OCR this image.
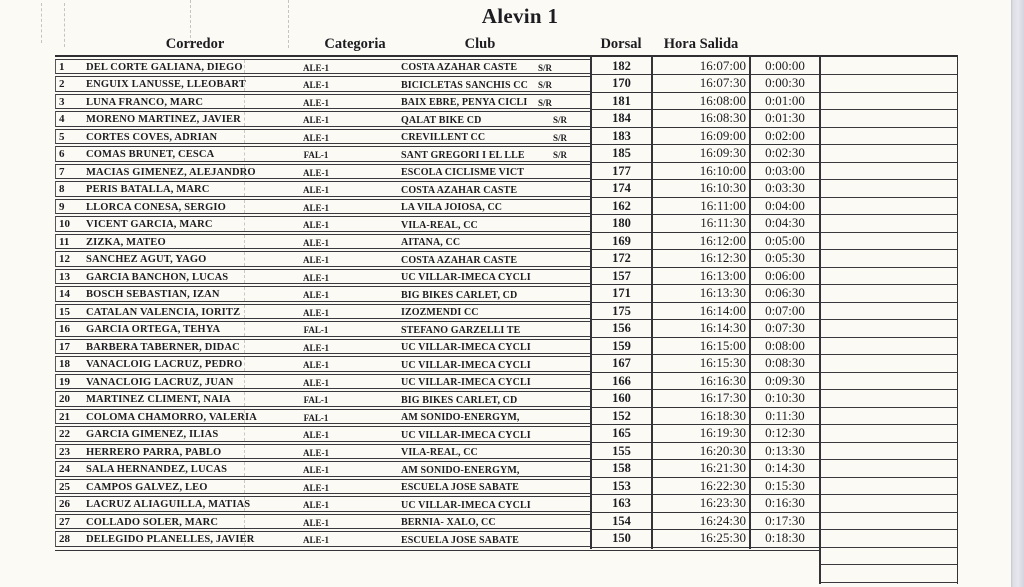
Alevin 1
Corredor	Categoria	Club	Dorsal Hora Salida
1 DEL CORTE GALIANA, DIEGO	ALE-1	COSTA AZAHAR CASTE S/R	182	16:07:00	0:00:00
2 ENGUIX LANUSSE, LLEOBART	ALE-1	BICICLETAS SANCHIS CC S/R	170	16:07:30	0:00:30
3 LUNA FRANCO, MARC	ALE-1	BAIX EBRE, PENYA CICLI S/R	181	16:08:00	0:01:00
4 MORENO MARTINEZ, JAVIER	ALE-1	QALAT BIKE CD	S/R	184	16:08:30	0:01:30
5 CORTES COVES, ADRIAN	ALE-1	CREVILLENT CC	S/R	183	16:09:00	0:02:00
6 COMAS BRUNET, CESCA	FAL-1	SANT GREGORI I EL LLE	S/R	185	16:09:30	0:02:30
7 MACIAS GIMENEZ, ALEJANDRO	ALE-1	ESCOLA CICLISME VICT	177	16:10:00	0:03:00
8 PERIS BATALLA, MARC	ALE-1	COSTA AZAHAR CASTE	174	16:10:30	0:03:30
9 LLORCA CONESA, SERGIO	ALE-1	LA VILA JOIOSA, CC	162	16:11:00	0:04:00
10 VICENT GARCIA, MARC	ALE-1	VILA-REAL, CC	180	16:11:30	0:04:30
11 ZIZKA, MATEO	ALE-1	AITANA, CC	169	16:12:00	0:05:00
12 SANCHEZ AGUT, YAGO	ALE-1	COSTA AZAHAR CASTE	172	16:12:30	0:05:30
13 GARCIA BANCHON, LUCAS	ALE-1	UC VILLAR-IMECA CYCLI	157	16:13:00	0:06:00
14 BOSCH SEBASTIAN, IZAN	ALE-1	BIG BIKES CARLET, CD	171	16:13:30	0:06:30
15 CATALAN VALENCIA, IORITZ	ALE-1	IZOZMENDI CC	175	16:14:00	0:07:00
16 GARCIA ORTEGA, TEHYA	FAL-1	STEFANO GARZELLI TE	156	16:14:30	0:07:30
17 BARBERA TABERNER, DIDAC	ALE-1	UC VILLAR-IMECA CYCLI	159	16:15:00	0:08:00
18 VANACLOIG LACRUZ, PEDRO	ALE-1	UC VILLAR-IMECA CYCLI	167	16:15:30	0:08:30
19 VANACLOIG LACRUZ, JUAN	ALE-1	UC VILLAR-IMECA CYCLI	166	16:16:30	0:09:30
20 MARTINEZ CLIMENT, NAIA	FAL-1	BIG BIKES CARLET, CD	160	16:17:30	0:10:30
21 COLOMA CHAMORRO, VALERIA	FAL-1	AM SONIDO-ENERGYM,	152	16:18:30	0:11:30
22 GARCIA GIMENEZ, ILIAS	ALE-1	UC VILLAR-IMECA CYCLI	165	16:19:30	0:12:30
23 HERRERO PARRA, PABLO	ALE-1	VILA-REAL, CC	155	16:20:30	0:13:30
24 SALA HERNANDEZ, LUCAS	ALE-1	AM SONIDO-ENERGYM,	158	16:21:30	0:14:30
25 CAMPOS GALVEZ, LEO	ALE-1	ESCUELA JOSE SABATE	153	16:22:30	0:15:30
26 LACRUZ ALIAGUILLA, MATIAS	ALE-1	UC VILLAR-IMECA CYCLI	163	16:23:30	0:16:30
27 COLLADO SOLER, MARC	ALE-1	BERNIA- XALO, CC	154	16:24:30	0:17:30
28 DELEGIDO PLANELLES, JAVIER	ALE-1	ESCUELA JOSE SABATE	150	16:25:30	0:18:30
